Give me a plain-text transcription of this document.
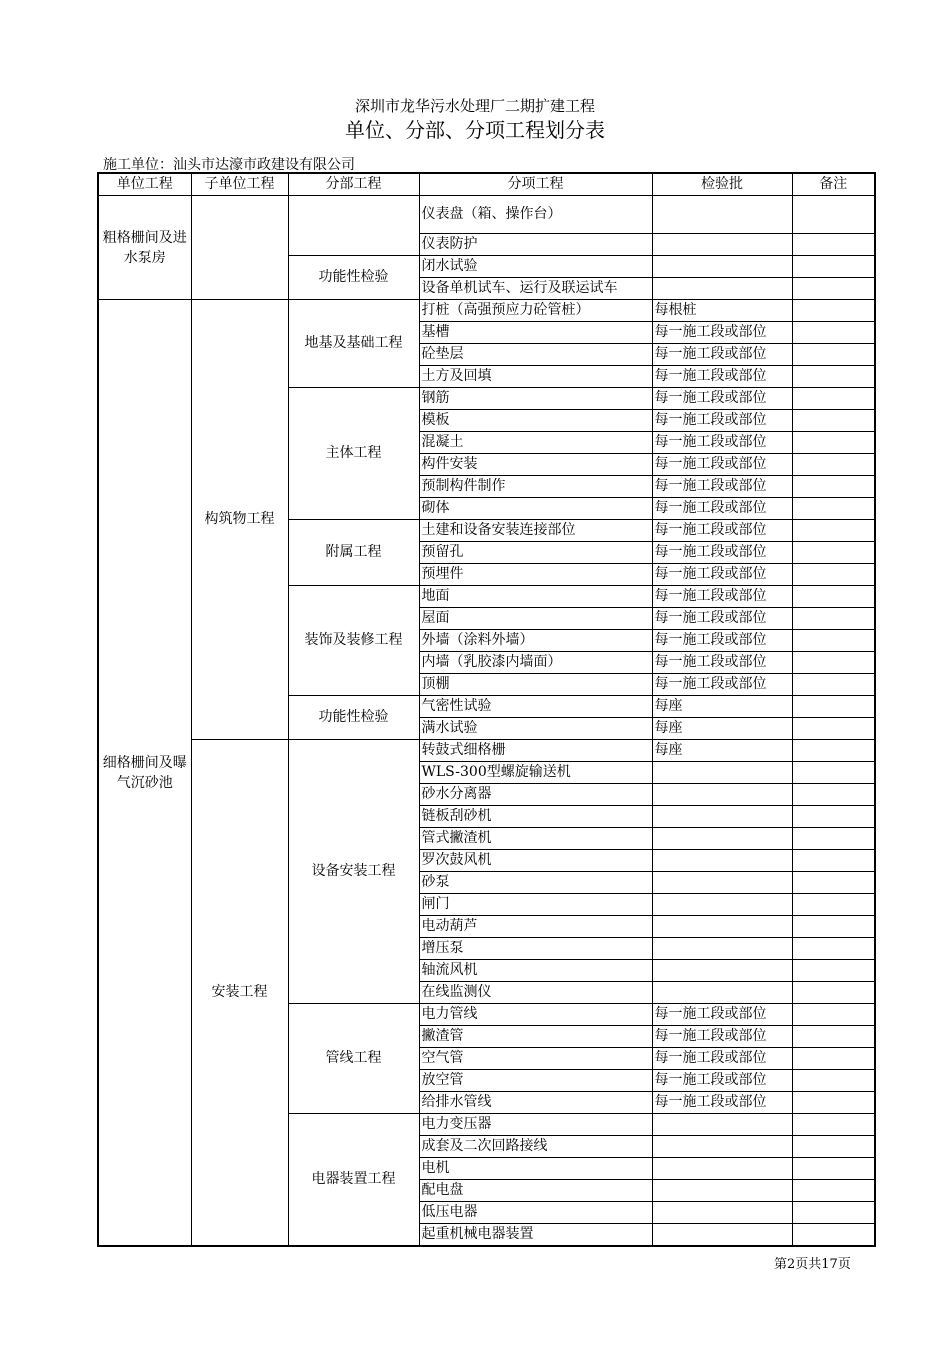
深圳市龙华污水处理厂二期扩建工程
单位、分部、分项工程划分表
施工单位：汕头市达濠市政建设有限公司
单位工程	子单位工程	分部工程	分项工程	检验批	备注
粗格栅间及进水泵房			仪表盘（箱、操作台）		
			仪表防护		
		功能性检验	闭水试验		
			设备单机试车、运行及联运试车		
细格栅间及曝气沉砂池	构筑物工程	地基及基础工程	打桩（高强预应力砼管桩）	每根桩	
			基槽	每一施工段或部位	
			砼垫层	每一施工段或部位	
			土方及回填	每一施工段或部位	
		主体工程	钢筋	每一施工段或部位	
			模板	每一施工段或部位	
			混凝土	每一施工段或部位	
			构件安装	每一施工段或部位	
			预制构件制作	每一施工段或部位	
			砌体	每一施工段或部位	
		附属工程	土建和设备安装连接部位	每一施工段或部位	
			预留孔	每一施工段或部位	
			预埋件	每一施工段或部位	
		装饰及装修工程	地面	每一施工段或部位	
			屋面	每一施工段或部位	
			外墙（涂料外墙）	每一施工段或部位	
			内墙（乳胶漆内墙面）	每一施工段或部位	
			顶棚	每一施工段或部位	
		功能性检验	气密性试验	每座	
			满水试验	每座	
	安装工程	设备安装工程	转鼓式细格栅	每座	
			WLS-300型螺旋输送机		
			砂水分离器		
			链板刮砂机		
			管式撇渣机		
			罗次鼓风机		
			砂泵		
			闸门		
			电动葫芦		
			增压泵		
			轴流风机		
			在线监测仪		
		管线工程	电力管线	每一施工段或部位	
			撇渣管	每一施工段或部位	
			空气管	每一施工段或部位	
			放空管	每一施工段或部位	
			给排水管线	每一施工段或部位	
		电器装置工程	电力变压器		
			成套及二次回路接线		
			电机		
			配电盘		
			低压电器		
			起重机械电器装置		
第2页共17页
